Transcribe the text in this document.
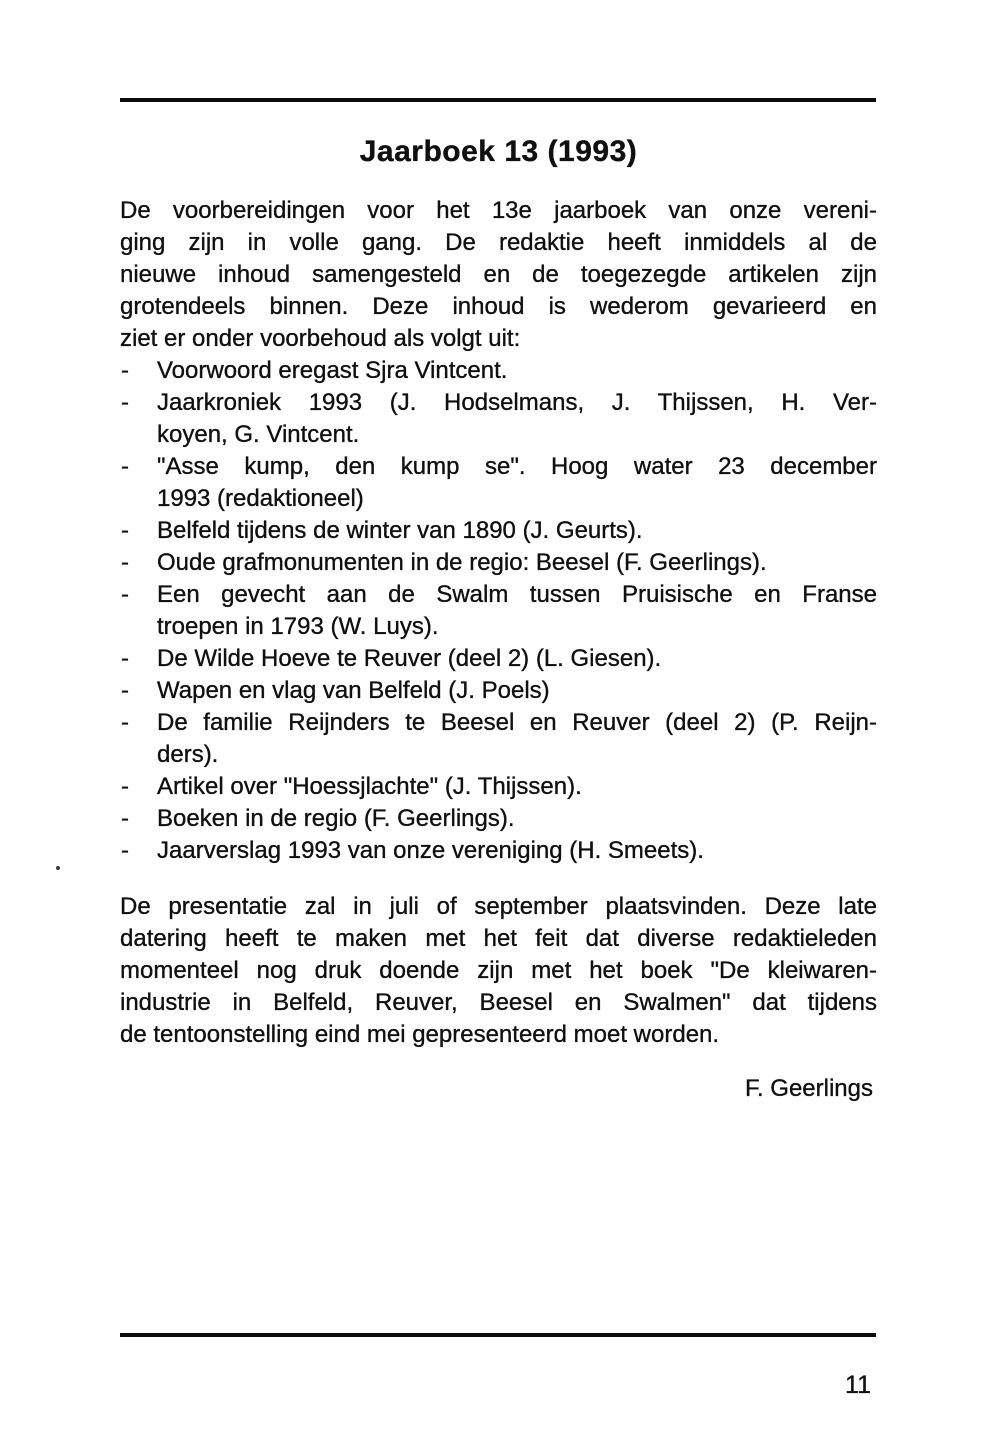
Jaarboek 13 (1993)
De voorbereidingen voor het 13e jaarboek van onze vereni-
ging zijn in volle gang. De redaktie heeft inmiddels al de
nieuwe inhoud samengesteld en de toegezegde artikelen zijn
grotendeels binnen. Deze inhoud is wederom gevarieerd en
ziet er onder voorbehoud als volgt uit:
- Voorwoord eregast Sjra Vintcent.
- Jaarkroniek 1993 (J. Hodselmans, J. Thijssen, H. Ver-
koyen, G. Vintcent.
- "Asse kump, den kump se". Hoog water 23 december
1993 (redaktioneel)
- Belfeld tijdens de winter van 1890 (J. Geurts).
- Oude grafmonumenten in de regio: Beesel (F. Geerlings).
- Een gevecht aan de Swalm tussen Pruisische en Franse
troepen in 1793 (W. Luys).
- De Wilde Hoeve te Reuver (deel 2) (L. Giesen).
- Wapen en vlag van Belfeld (J. Poels)
- De familie Reijnders te Beesel en Reuver (deel 2) (P. Reijn-
ders).
- Artikel over "Hoessjlachte" (J. Thijssen).
- Boeken in de regio (F. Geerlings).
- Jaarverslag 1993 van onze vereniging (H. Smeets).
De presentatie zal in juli of september plaatsvinden. Deze late
datering heeft te maken met het feit dat diverse redaktieleden
momenteel nog druk doende zijn met het boek "De kleiwaren-
industrie in Belfeld, Reuver, Beesel en Swalmen" dat tijdens
de tentoonstelling eind mei gepresenteerd moet worden.
F. Geerlings
11
